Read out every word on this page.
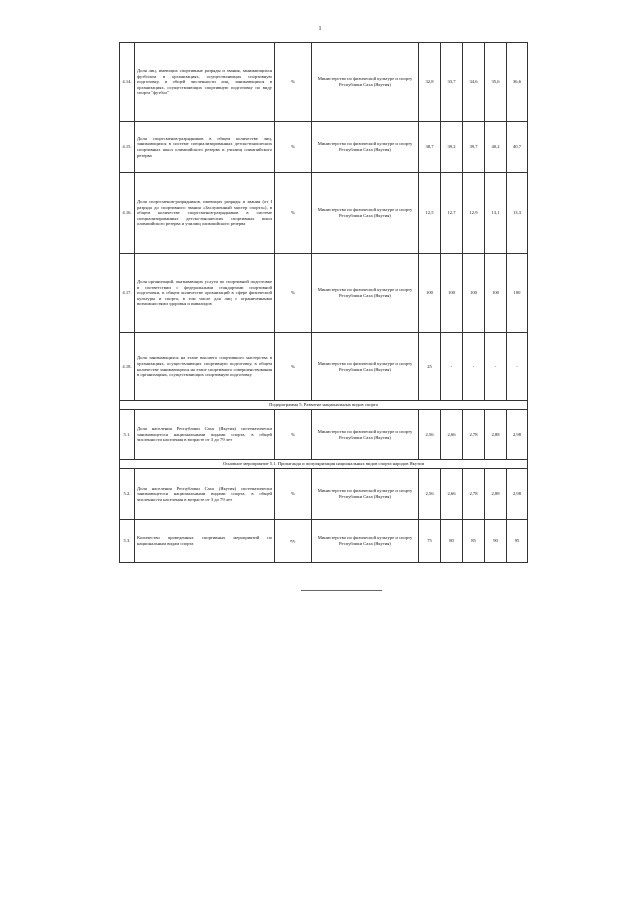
1
4.14.	Доля лиц, имеющих спортивные разряды и звания, занимающихся футболом в организациях, осуществляющих спортивную подготовку, в общей численности лиц, занимающихся в организациях, осуществляющих спортивную подготовку по виду спорта "футбол"	%	Министерство по физической культуре и спорту Республики Саха (Якутия)	32,8	33,7	34,6	35,6	36,6
4.15.	Доля спортсменов-разрядников в общем количестве лиц, занимающихся в системе специализированных детско-юношеских спортивных школ олимпийского резерва и училищ олимпийского резерва	%	Министерство по физической культуре и спорту Республики Саха (Якутия)	38,7	39,2	39,7	40,2	40,7
4.16.	Доля спортсменов-разрядников, имеющих разряды и звания (от I разряда до спортивного звания «Заслуженный мастер спорта»), в общем количестве спортсменов-разрядников в системе специализированных детско-юношеских спортивных школ олимпийского резерва и училищ олимпийского резерва	%	Министерство по физической культуре и спорту Республики Саха (Якутия)	12,5	12,7	12,9	13,1	13,3
4.17.	Доля организаций, оказывающих услуги по спортивной подготовке в соответствии с федеральными стандартами спортивной подготовки, в общем количестве организаций в сфере физической культуры и спорта, в том числе для лиц с ограниченными возможностями здоровья и инвалидов	%	Министерство по физической культуре и спорту Республики Саха (Якутия)	100	100	100	100	100
4.18.	Доля занимающихся на этапе высшего спортивного мастерства в организациях, осуществляющих спортивную подготовку, в общем количестве занимающихся на этапе спортивного совершенствования в организациях, осуществляющих спортивную подготовку	%	Министерство по физической культуре и спорту Республики Саха (Якутия)	25	-	-	-	-
Подпрограмма 5. Развитие национальных видов спорта								
5.1.	Доля населения Республики Саха (Якутия) систематически занимающегося национальными видами спорта, в общей численности населения в возрасте от 3 до 79 лет	%	Министерство по физической культуре и спорту Республики Саха (Якутия)	2,56	2,66	2,78	2,88	2,98
Основное мероприятие 5.1. Пропаганда и популяризация национальных видов спорта народов Якутии								
5.2.	Доля населения Республики Саха (Якутия) систематически занимающегося национальными видами спорта, в общей численности населения в возрасте от 3 до 79 лет	%	Министерство по физической культуре и спорту Республики Саха (Якутия)	2,56	2,66	2,78	2,88	2,98
5.3.	Количество проведенных спортивных мероприятий по национальным видам спорта	ед.	Министерство по физической культуре и спорту Республики Саха (Якутия)	75	80	85	90	95
